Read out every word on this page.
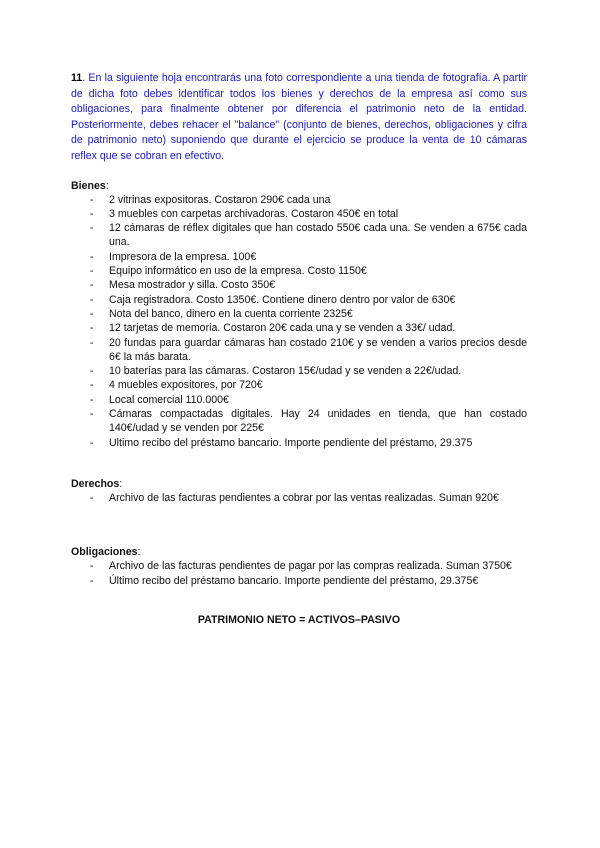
11. En la siguiente hoja encontrarás una foto correspondiente a una tienda de fotografía. A partir de dicha foto debes identificar todos los bienes y derechos de la empresa así como sus obligaciones, para finalmente obtener por diferencia el patrimonio neto de la entidad. Posteriormente, debes rehacer el "balance" (conjunto de bienes, derechos, obligaciones y cifra de patrimonio neto) suponiendo que durante el ejercicio se produce la venta de 10 cámaras reflex que se cobran en efectivo.

Bienes:

- 2 vitrinas expositoras. Costaron 290€ cada una
- 3 muebles con carpetas archivadoras. Costaron 450€ en total
- 12 cámaras de réflex digitales que han costado 550€ cada una. Se venden a 675€ cada una.
- Impresora de la empresa. 100€
- Equipo informático en uso de la empresa. Costo 1150€
- Mesa mostrador y silla. Costo 350€
- Caja registradora. Costo 1350€. Contiene dinero dentro por valor de 630€
- Nota del banco, dinero en la cuenta corriente 2325€
- 12 tarjetas de memoria. Costaron 20€ cada una y se venden a 33€/ udad.
- 20 fundas para guardar cámaras han costado 210€ y se venden a varios precios desde 6€ la más barata.
- 10 baterías para las cámaras. Costaron 15€/udad y se venden a 22€/udad.
- 4 muebles expositores, por 720€
- Local comercial 110.000€
- Cámaras compactadas digitales. Hay 24 unidades en tienda, que han costado 140€/udad y se venden por 225€
- Ultimo recibo del préstamo bancario. Importe pendiente del préstamo, 29.375

Derechos:

- Archivo de las facturas pendientes a cobrar por las ventas realizadas. Suman 920€

Obligaciones:

- Archivo de las facturas pendientes de pagar por las compras realizada. Suman 3750€
- Último recibo del préstamo bancario. Importe pendiente del préstamo, 29.375€

PATRIMONIO NETO = ACTIVOS–PASIVO
